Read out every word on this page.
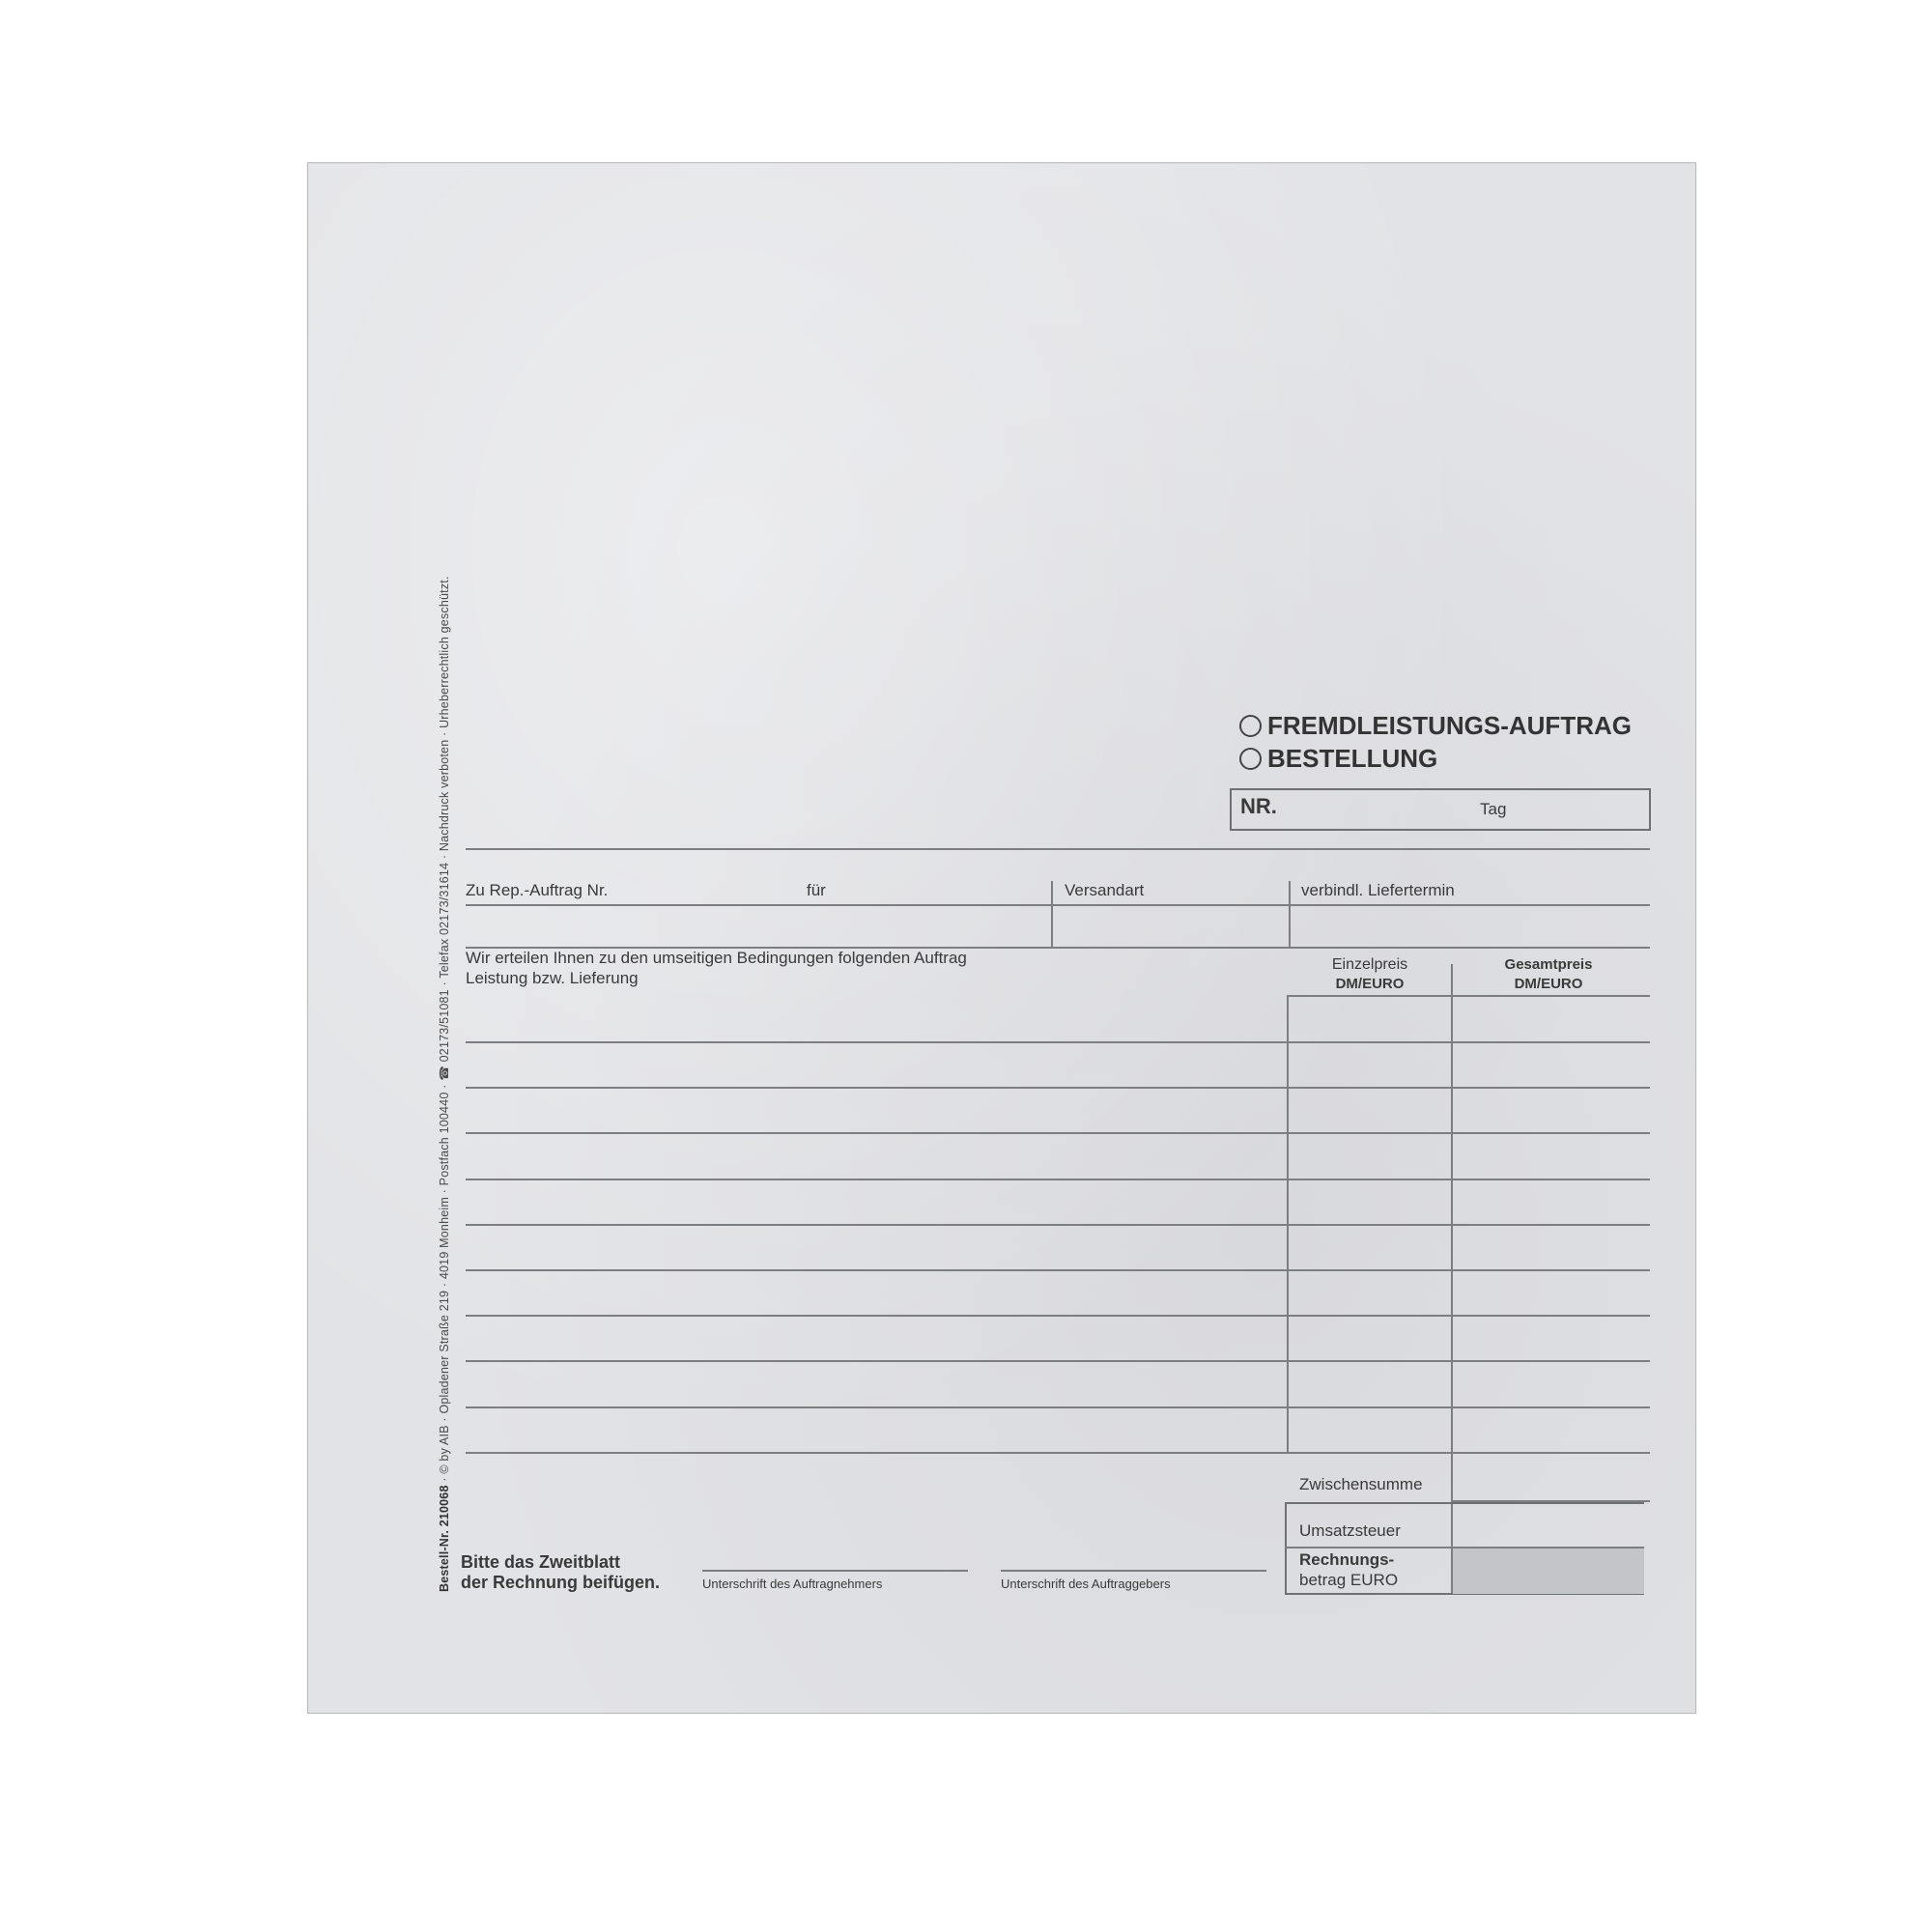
Bestell-Nr. 210068 · © by AIB · Opladener Straße 219 · 4019 Monheim · Postfach 100440 · ☎ 02173/51081 · Telefax 02173/31614 · Nachdruck verboten · Urheberrechtlich geschützt.	FREMDLEISTUNGS-AUFTRAG
BESTELLUNG
NR.	Tag
Zu Rep.-Auftrag Nr.	für	Versandart	verbindl. Liefertermin
Wir erteilen Ihnen zu den umseitigen Bedingungen folgenden Auftrag
Leistung bzw. Lieferung
Einzelpreis
DM/EURO
Gesamtpreis
DM/EURO
Zwischensumme
Umsatzsteuer
Rechnungs-
betrag EURO
Bitte das Zweitblatt
der Rechnung beifügen.	Unterschrift des Auftragnehmers	Unterschrift des Auftraggebers
